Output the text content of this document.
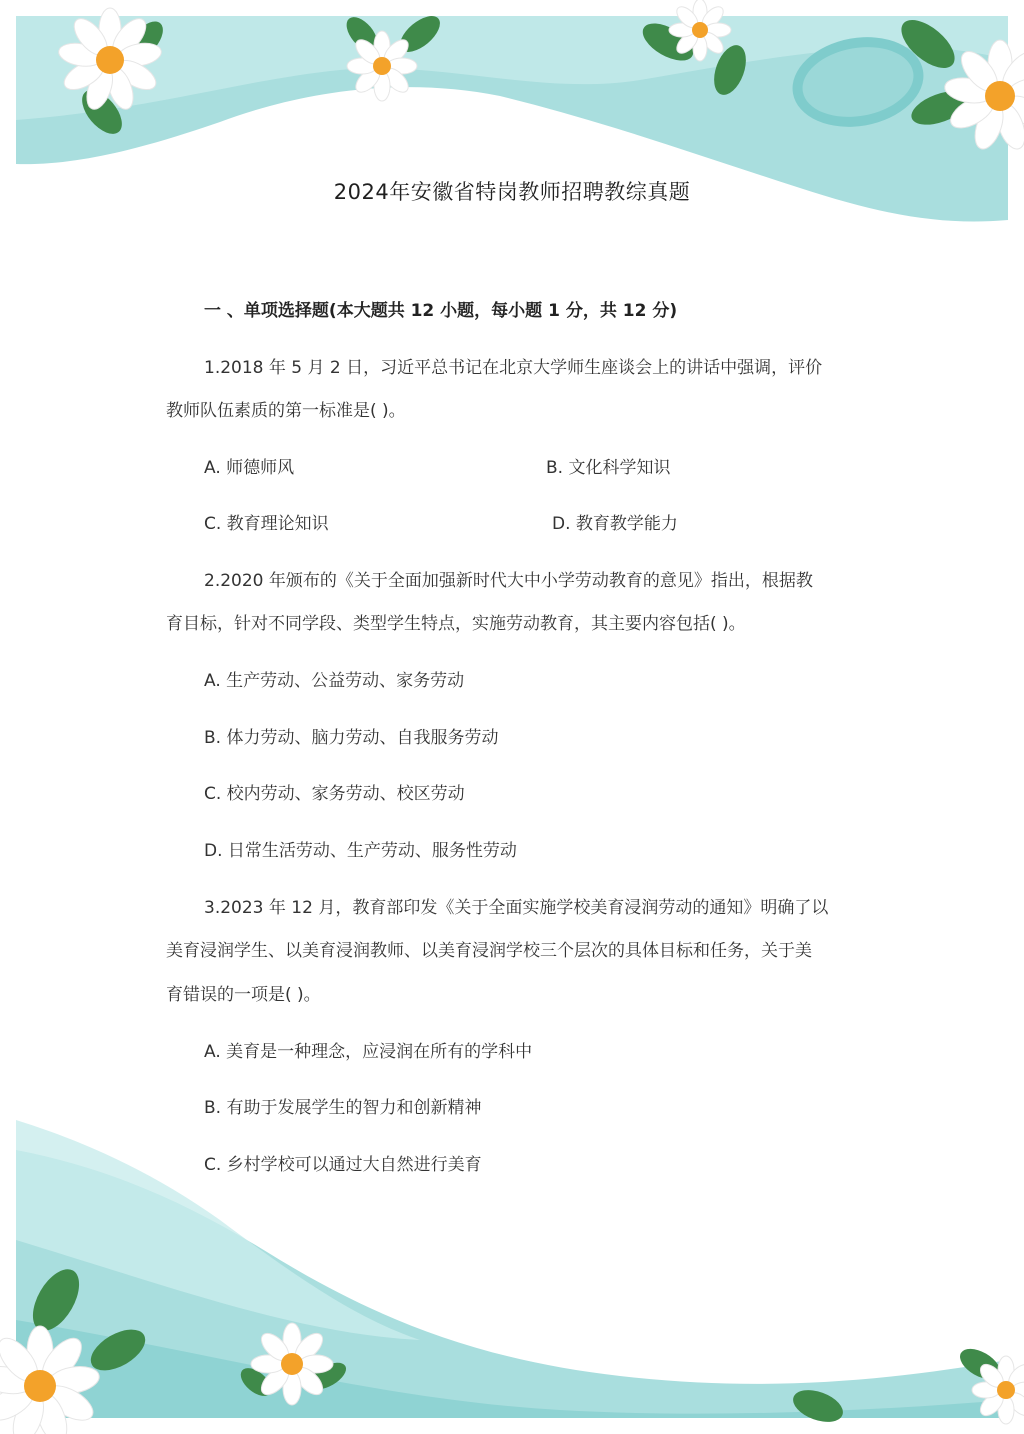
2024年安徽省特岗教师招聘教综真题
一 、单项选择题(本大题共 12 小题，每小题 1 分，共 12 分)
1.2018 年 5 月 2 日，习近平总书记在北京大学师生座谈会上的讲话中强调，评价
教师队伍素质的第一标准是( )。
A. 师德师风	B. 文化科学知识
C. 教育理论知识	D. 教育教学能力
2.2020 年颁布的《关于全面加强新时代大中小学劳动教育的意见》指出，根据教
育目标，针对不同学段、类型学生特点，实施劳动教育，其主要内容包括( )。
A. 生产劳动、公益劳动、家务劳动
B. 体力劳动、脑力劳动、自我服务劳动
C. 校内劳动、家务劳动、校区劳动
D. 日常生活劳动、生产劳动、服务性劳动
3.2023 年 12 月，教育部印发《关于全面实施学校美育浸润劳动的通知》明确了以
美育浸润学生、以美育浸润教师、以美育浸润学校三个层次的具体目标和任务，关于美
育错误的一项是( )。
A. 美育是一种理念，应浸润在所有的学科中
B. 有助于发展学生的智力和创新精神
C. 乡村学校可以通过大自然进行美育
